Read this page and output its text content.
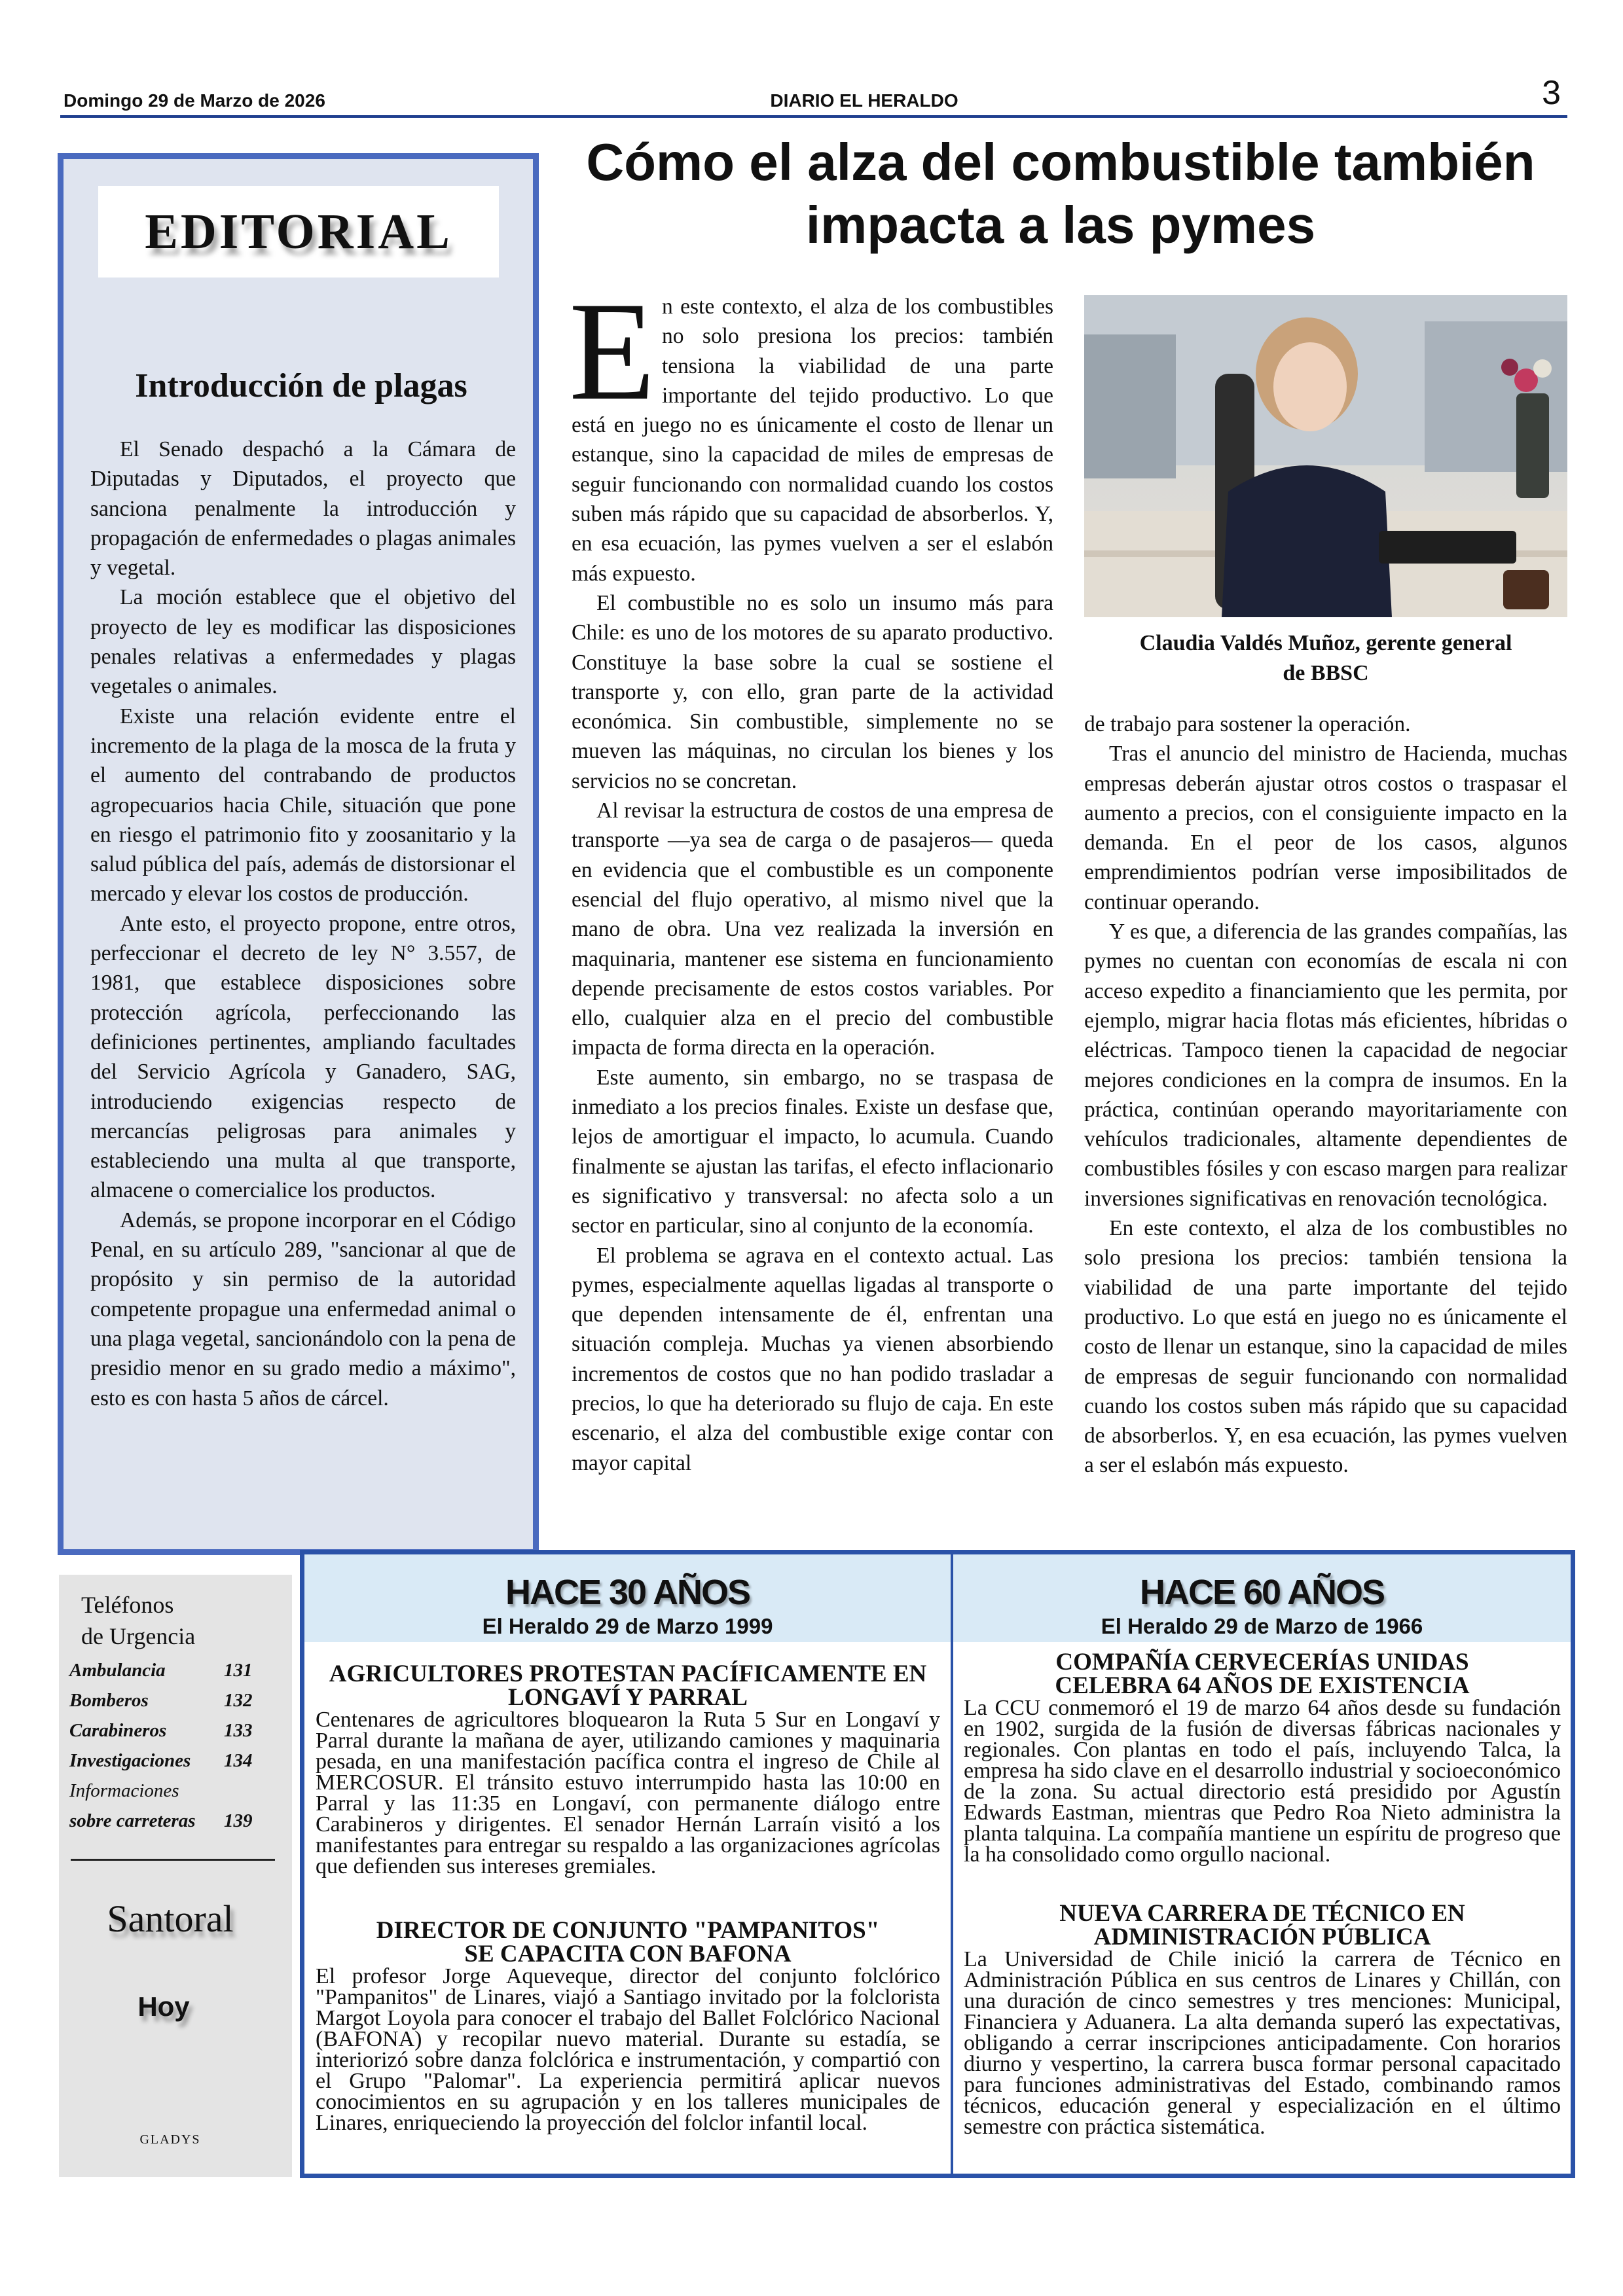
Domingo 29 de Marzo de 2026	DIARIO EL HERALDO	3
EDITORIAL
Introducción de plagas

El Senado despachó a la Cámara de Diputadas y Diputados, el proyecto que sanciona penalmente la introducción y propagación de enfermedades o plagas animales y vegetal.

La moción establece que el objetivo del proyecto de ley es modificar las disposiciones penales relativas a enfermedades y plagas vegetales o animales.

Existe una relación evidente entre el incremento de la plaga de la mosca de la fruta y el aumento del contrabando de productos agropecuarios hacia Chile, situación que pone en riesgo el patrimonio fito y zoosanitario y la salud pública del país, además de distorsionar el mercado y elevar los costos de producción.

Ante esto, el proyecto propone, entre otros, perfeccionar el decreto de ley N° 3.557, de 1981, que establece disposiciones sobre protección agrícola, perfeccionando las definiciones pertinentes, ampliando facultades del Servicio Agrícola y Ganadero, SAG, introduciendo exigencias respecto de mercancías peligrosas para animales y estableciendo una multa al que transporte, almacene o comercialice los productos.

Además, se propone incorporar en el Código Penal, en su artículo 289, "sancionar al que de propósito y sin permiso de la autoridad competente propague una enfermedad animal o una plaga vegetal, sancionándolo con la pena de presidio menor en su grado medio a máximo", esto es con hasta 5 años de cárcel.

Cómo el alza del combustible también
impacta a las pymes

En este contexto, el alza de los combustibles no solo presiona los precios: también tensiona la viabilidad de una parte importante del tejido productivo. Lo que está en juego no es únicamente el costo de llenar un estanque, sino la capacidad de miles de empresas de seguir funcionando con normalidad cuando los costos suben más rápido que su capacidad de absorberlos. Y, en esa ecuación, las pymes vuelven a ser el eslabón más expuesto.

El combustible no es solo un insumo más para Chile: es uno de los motores de su aparato productivo. Constituye la base sobre la cual se sostiene el transporte y, con ello, gran parte de la actividad económica. Sin combustible, simplemente no se mueven las máquinas, no circulan los bienes y los servicios no se concretan.

Al revisar la estructura de costos de una empresa de transporte —ya sea de carga o de pasajeros— queda en evidencia que el combustible es un componente esencial del flujo operativo, al mismo nivel que la mano de obra. Una vez realizada la inversión en maquinaria, mantener ese sistema en funcionamiento depende precisamente de estos costos variables. Por ello, cualquier alza en el precio del combustible impacta de forma directa en la operación.

Este aumento, sin embargo, no se traspasa de inmediato a los precios finales. Existe un desfase que, lejos de amortiguar el impacto, lo acumula. Cuando finalmente se ajustan las tarifas, el efecto inflacionario es significativo y transversal: no afecta solo a un sector en particular, sino al conjunto de la economía.

El problema se agrava en el contexto actual. Las pymes, especialmente aquellas ligadas al transporte o que dependen intensamente de él, enfrentan una situación compleja. Muchas ya vienen absorbiendo incrementos de costos que no han podido trasladar a precios, lo que ha deteriorado su flujo de caja. En este escenario, el alza del combustible exige contar con mayor capital

Claudia Valdés Muñoz, gerente general
de BBSC

de trabajo para sostener la operación.

Tras el anuncio del ministro de Hacienda, muchas empresas deberán ajustar otros costos o traspasar el aumento a precios, con el consiguiente impacto en la demanda. En el peor de los casos, algunos emprendimientos podrían verse imposibilitados de continuar operando.

Y es que, a diferencia de las grandes compañías, las pymes no cuentan con economías de escala ni con acceso expedito a financiamiento que les permita, por ejemplo, migrar hacia flotas más eficientes, híbridas o eléctricas. Tampoco tienen la capacidad de negociar mejores condiciones en la compra de insumos. En la práctica, continúan operando mayoritariamente con vehículos tradicionales, altamente dependientes de combustibles fósiles y con escaso margen para realizar inversiones significativas en renovación tecnológica.

En este contexto, el alza de los combustibles no solo presiona los precios: también tensiona la viabilidad de una parte importante del tejido productivo. Lo que está en juego no es únicamente el costo de llenar un estanque, sino la capacidad de miles de empresas de seguir funcionando con normalidad cuando los costos suben más rápido que su capacidad de absorberlos. Y, en esa ecuación, las pymes vuelven a ser el eslabón más expuesto.

Teléfonos
de Urgencia
Ambulancia	131
Bomberos	132
Carabineros	133
Investigaciones 134
Informaciones
sobre carreteras 139
Santoral
Hoy
GLADYS
HACE 30 AÑOS
El Heraldo 29 de Marzo 1999
HACE 60 AÑOS
El Heraldo 29 de Marzo de 1966
AGRICULTORES PROTESTAN PACÍFICAMENTE EN
LONGAVÍ Y PARRAL

Centenares de agricultores bloquearon la Ruta 5 Sur en Longaví y Parral durante la mañana de ayer, utilizando camiones y maquinaria pesada, en una manifestación pacífica contra el ingreso de Chile al MERCOSUR. El tránsito estuvo interrumpido hasta las 10:00 en Parral y las 11:35 en Longaví, con permanente diálogo entre Carabineros y dirigentes. El senador Hernán Larraín visitó a los manifestantes para entregar su respaldo a las organizaciones agrícolas que defienden sus intereses gremiales.

DIRECTOR DE CONJUNTO "PAMPANITOS"
SE CAPACITA CON BAFONA

El profesor Jorge Aqueveque, director del conjunto folclórico "Pampanitos" de Linares, viajó a Santiago invitado por la folclorista Margot Loyola para conocer el trabajo del Ballet Folclórico Nacional (BAFONA) y recopilar nuevo material. Durante su estadía, se interiorizó sobre danza folclórica e instrumentación, y compartió con el Grupo "Palomar". La experiencia permitirá aplicar nuevos conocimientos en su agrupación y en los talleres municipales de Linares, enriqueciendo la proyección del folclor infantil local.

COMPAÑÍA CERVECERÍAS UNIDAS
CELEBRA 64 AÑOS DE EXISTENCIA

La CCU conmemoró el 19 de marzo 64 años desde su fundación en 1902, surgida de la fusión de diversas fábricas nacionales y regionales. Con plantas en todo el país, incluyendo Talca, la empresa ha sido clave en el desarrollo industrial y socioeconómico de la zona. Su actual directorio está presidido por Agustín Edwards Eastman, mientras que Pedro Roa Nieto administra la planta talquina. La compañía mantiene un espíritu de progreso que la ha consolidado como orgullo nacional.

NUEVA CARRERA DE TÉCNICO EN
ADMINISTRACIÓN PÚBLICA

La Universidad de Chile inició la carrera de Técnico en Administración Pública en sus centros de Linares y Chillán, con una duración de cinco semestres y tres menciones: Municipal, Financiera y Aduanera. La alta demanda superó las expectativas, obligando a cerrar inscripciones anticipadamente. Con horarios diurno y vespertino, la carrera busca formar personal capacitado para funciones administrativas del Estado, combinando ramos técnicos, educación general y especialización en el último semestre con práctica sistemática.
